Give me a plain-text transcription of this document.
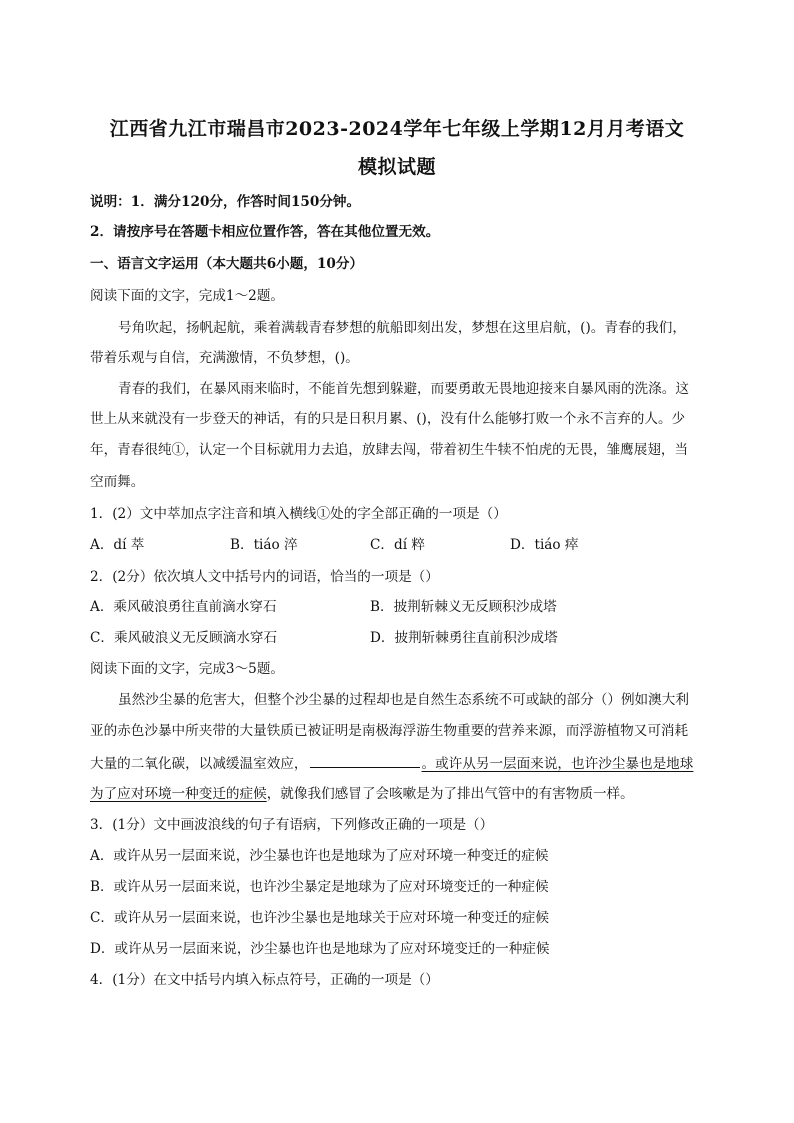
江西省九江市瑞昌市2023-2024学年七年级上学期12月月考语文
模拟试题
说明：1．满分120分，作答时间150分钟。
2．请按序号在答题卡相应位置作答，答在其他位置无效。
一、语言文字运用（本大题共6小题，10分）
阅读下面的文字，完成1～2题。
号角吹起，扬帆起航，乘着满载青春梦想的航船即刻出发，梦想在这里启航，()。青春的我们，
带着乐观与自信，充满激情，不负梦想，()。
青春的我们，在暴风雨来临时，不能首先想到躲避，而要勇敢无畏地迎接来自暴风雨的洗涤。这
世上从来就没有一步登天的神话，有的只是日积月累、()，没有什么能够打败一个永不言弃的人。少
年，青春很纯①，认定一个目标就用力去追，放肆去闯，带着初生牛犊不怕虎的无畏，雏鹰展翅，当
空而舞。
1．(2）文中萃加点字注音和填入横线①处的字全部正确的一项是（）
A．dí 萃	B．tiáo 淬	C．dí 粹	D．tiáo 瘁
2．(2分）依次填人文中括号内的词语，恰当的一项是（）
A．乘风破浪勇往直前滴水穿石	B．披荆斩棘义无反顾积沙成塔
C．乘风破浪义无反顾滴水穿石	D．披荆斩棘勇往直前积沙成塔
阅读下面的文字，完成3～5题。
虽然沙尘暴的危害大，但整个沙尘暴的过程却也是自然生态系统不可或缺的部分（）例如澳大利
亚的赤色沙暴中所夹带的大量铁质已被证明是南极海浮游生物重要的营养来源，而浮游植物又可消耗
大量的二氧化碳，以减缓温室效应，	。或许从另一层面来说，也许沙尘暴也是地球
为了应对环境一种变迁的症候，就像我们感冒了会咳嗽是为了排出气管中的有害物质一样。
3．(1分）文中画波浪线的句子有语病，下列修改正确的一项是（）
A．或许从另一层面来说，沙尘暴也许也是地球为了应对环境一种变迁的症候
B．或许从另一层面来说，也许沙尘暴定是地球为了应对环境变迁的一种症候
C．或许从另一层面来说，也许沙尘暴也是地球关于应对环境一种变迁的症候
D．或许从另一层面来说，沙尘暴也许也是地球为了应对环境变迁的一种症候
4．(1分）在文中括号内填入标点符号，正确的一项是（）
